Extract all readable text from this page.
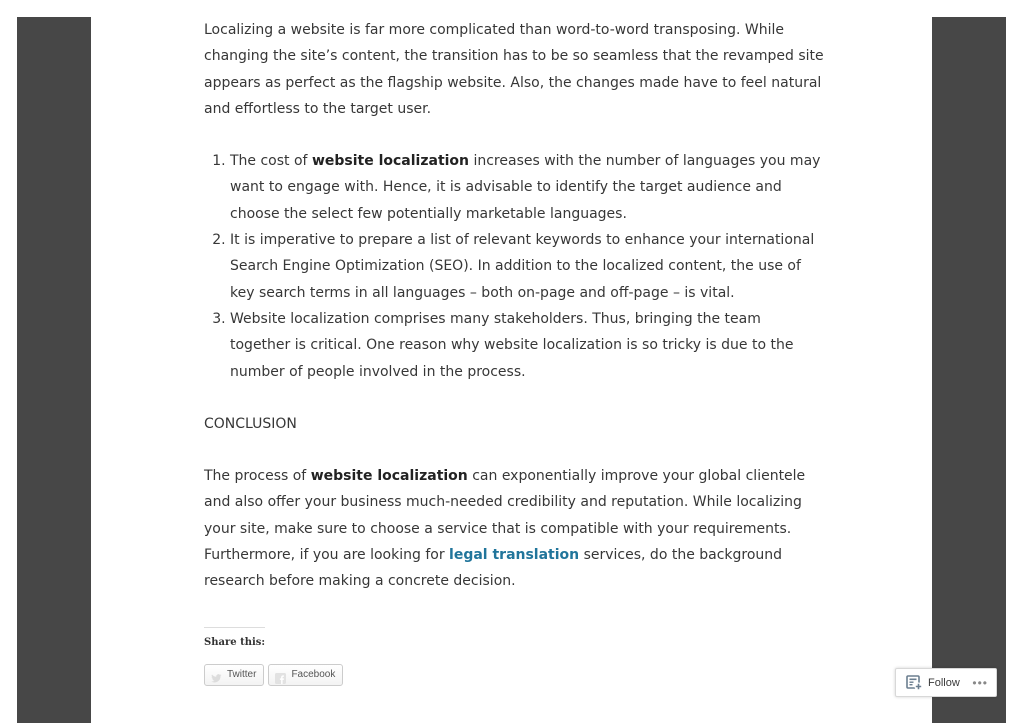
Localizing a website is far more complicated than word-to-word transposing. While changing the site’s content, the transition has to be so seamless that the revamped site appears as perfect as the flagship website. Also, the changes made have to feel natural and effortless to the target user.

1. The cost of website localization increases with the number of languages you may want to engage with. Hence, it is advisable to identify the target audience and choose the select few potentially marketable languages.
2. It is imperative to prepare a list of relevant keywords to enhance your international Search Engine Optimization (SEO). In addition to the localized content, the use of key search terms in all languages – both on-page and off-page – is vital.
3. Website localization comprises many stakeholders. Thus, bringing the team together is critical. One reason why website localization is so tricky is due to the number of people involved in the process.

CONCLUSION

The process of website localization can exponentially improve your global clientele and also offer your business much-needed credibility and reputation. While localizing your site, make sure to choose a service that is compatible with your requirements. Furthermore, if you are looking for legal translation services, do the background research before making a concrete decision.

Share this:
Twitter	Facebook
Follow •••
